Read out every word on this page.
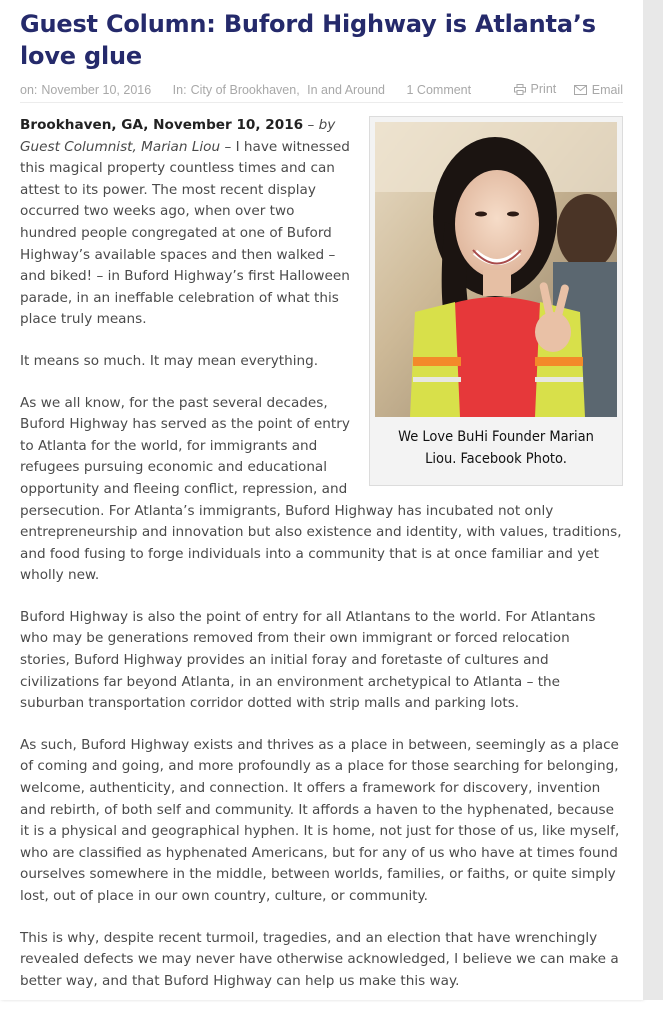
Guest Column: Buford Highway is Atlanta’s love glue
on: November 10, 2016 In: City of Brookhaven, In and Around 1 Comment	Print
	Email
We Love BuHi Founder Marian Liou. Facebook Photo.

Brookhaven, GA, November 10, 2016 – by Guest Columnist, Marian Liou – I have witnessed this magical property countless times and can attest to its power. The most recent display occurred two weeks ago, when over two hundred people congregated at one of Buford Highway’s available spaces and then walked – and biked! – in Buford Highway’s first Halloween parade, in an ineffable celebration of what this place truly means.

It means so much. It may mean everything.

As we all know, for the past several decades, Buford Highway has served as the point of entry to Atlanta for the world, for immigrants and refugees pursuing economic and educational opportunity and fleeing conflict, repression, and persecution. For Atlanta’s immigrants, Buford Highway has incubated not only entrepreneurship and innovation but also existence and identity, with values, traditions, and food fusing to forge individuals into a community that is at once familiar and yet wholly new.

Buford Highway is also the point of entry for all Atlantans to the world. For Atlantans who may be generations removed from their own immigrant or forced relocation stories, Buford Highway provides an initial foray and foretaste of cultures and civilizations far beyond Atlanta, in an environment archetypical to Atlanta – the suburban transportation corridor dotted with strip malls and parking lots.

As such, Buford Highway exists and thrives as a place in between, seemingly as a place of coming and going, and more profoundly as a place for those searching for belonging, welcome, authenticity, and connection. It offers a framework for discovery, invention and rebirth, of both self and community. It affords a haven to the hyphenated, because it is a physical and geographical hyphen. It is home, not just for those of us, like myself, who are classified as hyphenated Americans, but for any of us who have at times found ourselves somewhere in the middle, between worlds, families, or faiths, or quite simply lost, out of place in our own country, culture, or community.

This is why, despite recent turmoil, tragedies, and an election that have wrenchingly revealed defects we may never have otherwise acknowledged, I believe we can make a better way, and that Buford Highway can help us make this way.
